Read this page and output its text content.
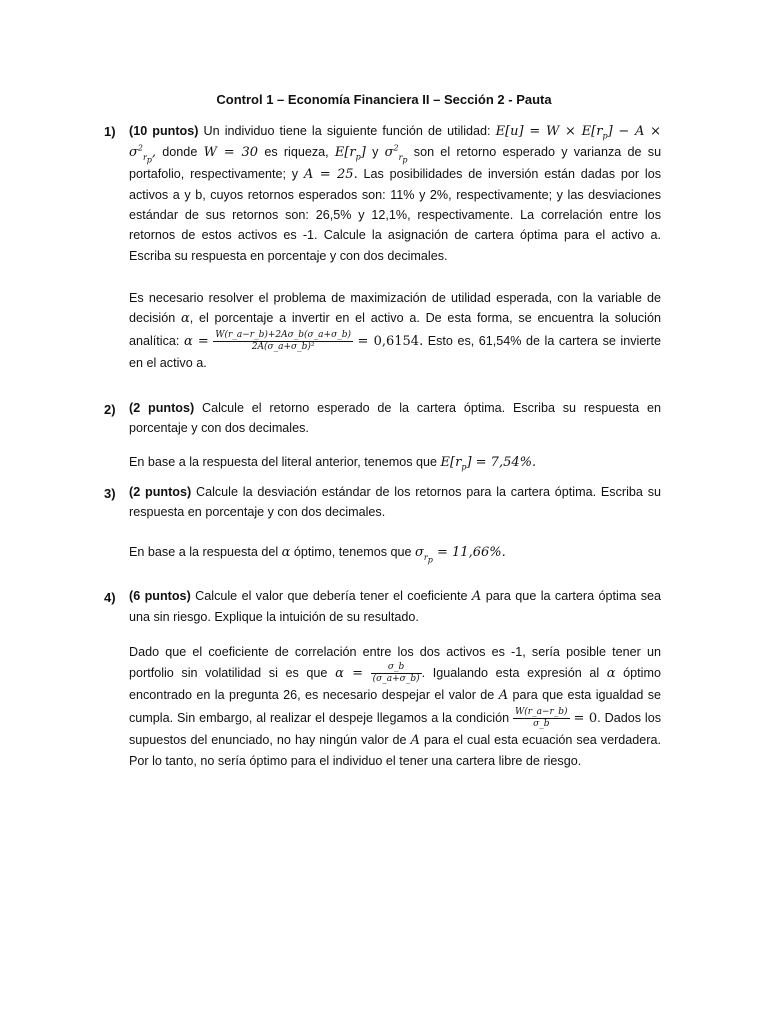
Control 1 – Economía Financiera II – Sección 2 - Pauta
1) (10 puntos) Un individuo tiene la siguiente función de utilidad: $E[u] = W \times E[r_p] - A \times \sigma^2_{r_p}$, donde W = 30 es riqueza, $E[r_p]$ y $\sigma^2_{r_p}$ son el retorno esperado y varianza de su portafolio, respectivamente; y A = 25. Las posibilidades de inversión están dadas por los activos a y b, cuyos retornos esperados son: 11% y 2%, respectivamente; y las desviaciones estándar de sus retornos son: 26,5% y 12,1%, respectivamente. La correlación entre los retornos de estos activos es -1. Calcule la asignación de cartera óptima para el activo a. Escriba su respuesta en porcentaje y con dos decimales.
Es necesario resolver el problema de maximización de utilidad esperada, con la variable de decisión α, el porcentaje a invertir en el activo a. De esta forma, se encuentra la solución analítica: $\alpha = \frac{W(r\_a-r\_b)+2A\sigma\_b(\sigma\_a+\sigma\_b)}{\text{2A(σ\_a+σ\_b)²}} = 0,6154$. Esto es, 61,54% de la cartera se invierte en el activo a.
2) (2 puntos) Calcule el retorno esperado de la cartera óptima. Escriba su respuesta en porcentaje y con dos decimales.
En base a la respuesta del literal anterior, tenemos que $E[r_p] = 7,54\%$.
3) (2 puntos) Calcule la desviación estándar de los retornos para la cartera óptima. Escriba su respuesta en porcentaje y con dos decimales.
En base a la respuesta del α óptimo, tenemos que $\sigma_{r_p} = 11,66\%$.
4) (6 puntos) Calcule el valor que debería tener el coeficiente A para que la cartera óptima sea una sin riesgo. Explique la intuición de su resultado.
Dado que el coeficiente de correlación entre los dos activos es -1, sería posible tener un portfolio sin volatilidad si es que $\alpha = \frac{\sigma\_b}{(\sigma\_a+\sigma\_b)}$ . Igualando esta expresión al α óptimo encontrado en la pregunta 26, es necesario despejar el valor de A para que esta igualdad se cumpla. Sin embargo, al realizar el despeje llegamos a la condición $\frac{W(r\_a-r\_b)}{\sigma\_b} = 0$. Dados los supuestos del enunciado, no hay ningún valor de A para el cual esta ecuación sea verdadera. Por lo tanto, no sería óptimo para el individuo el tener una cartera libre de riesgo.
